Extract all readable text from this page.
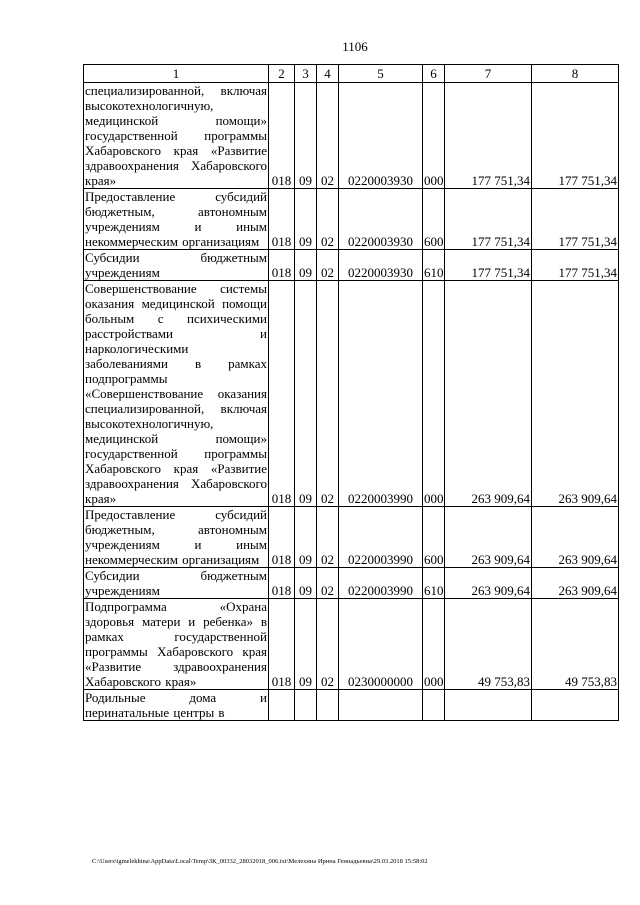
1106
1	2	3	4	5	6	7	8
специализированной, включая высокотехнологичную, медицинской помощи» государственной программы Хабаровского края «Развитие здравоохранения Хабаровского края»	018	09	02	0220003930	000	177 751,34	177 751,34
Предоставление субсидий бюджетным, автономным учреждениям и иным некоммерческим организациям	018	09	02	0220003930	600	177 751,34	177 751,34
Субсидии бюджетным учреждениям	018	09	02	0220003930	610	177 751,34	177 751,34
Совершенствование системы оказания медицинской помощи больным с психическими расстройствами и наркологическими заболеваниями в рамках подпрограммы «Совершенствование оказания специализированной, включая высокотехнологичную, медицинской помощи» государственной программы Хабаровского края «Развитие здравоохранения Хабаровского края»	018	09	02	0220003990	000	263 909,64	263 909,64
Предоставление субсидий бюджетным, автономным учреждениям и иным некоммерческим организациям	018	09	02	0220003990	600	263 909,64	263 909,64
Субсидии бюджетным учреждениям	018	09	02	0220003990	610	263 909,64	263 909,64
Подпрограмма «Охрана здоровья матери и ребенка» в рамках государственной программы Хабаровского края «Развитие здравоохранения Хабаровского края»	018	09	02	0230000000	000	49 753,83	49 753,83
Родильные дома и перинатальные центры в							
C:\Users\igmelekhina\AppData\Local\Temp\ЗК_00332_28032018_006.txt\Мелехина Ирина Геннадьевна\29.03.2018 15:58:02
